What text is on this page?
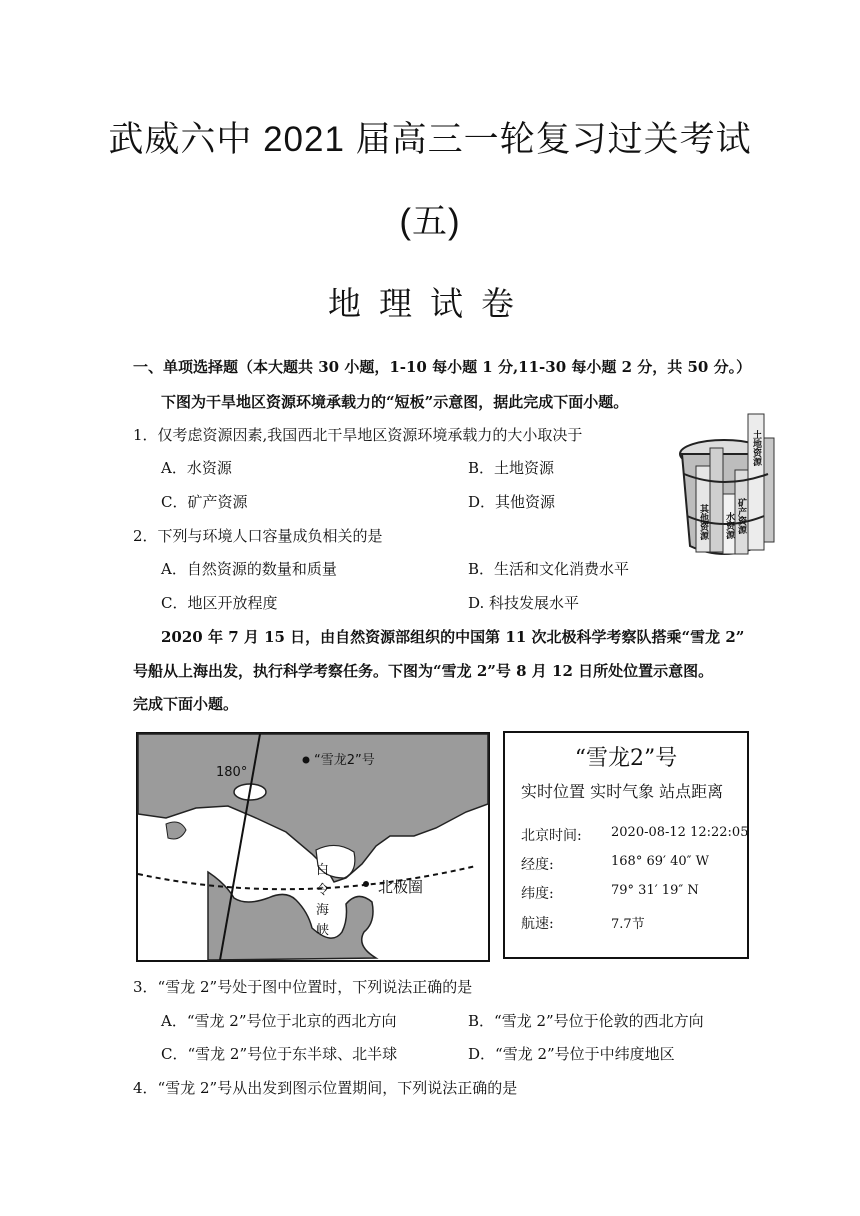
武威六中 2021 届高三一轮复习过关考试
(五)
地理试卷
一、单项选择题（本大题共 30 小题，1-10 每小题 1 分,11-30 每小题 2 分，共 50 分。）
下图为干旱地区资源环境承载力的“短板”示意图，据此完成下面小题。
1．仅考虑资源因素,我国西北干旱地区资源环境承载力的大小取决于
A．水资源	B．土地资源
C．矿产资源	D．其他资源
2．下列与环境人口容量成负相关的是
A．自然资源的数量和质量	B．生活和文化消费水平
C．地区开放程度	D. 科技发展水平
土地资源
矿产资源
水资源
其他资源
2020 年 7 月 15 日，由自然资源部组织的中国第 11 次北极科学考察队搭乘“雪龙 2”
号船从上海出发，执行科学考察任务。下图为“雪龙 2”号 8 月 12 日所处位置示意图。
完成下面小题。
“雪龙2”号
180°
白
令
海
峡
北极圈
“雪龙2”号
实时位置 实时气象 站点距离
北京时间: 2020-08-12 12:22:05
经度:	168° 69′ 40″ W
纬度:	79° 31′ 19″ N
航速:	7.7节
3．“雪龙 2”号处于图中位置时，下列说法正确的是
A．“雪龙 2”号位于北京的西北方向	B．“雪龙 2”号位于伦敦的西北方向
C．“雪龙 2”号位于东半球、北半球	D．“雪龙 2”号位于中纬度地区
4．“雪龙 2”号从出发到图示位置期间，下列说法正确的是
